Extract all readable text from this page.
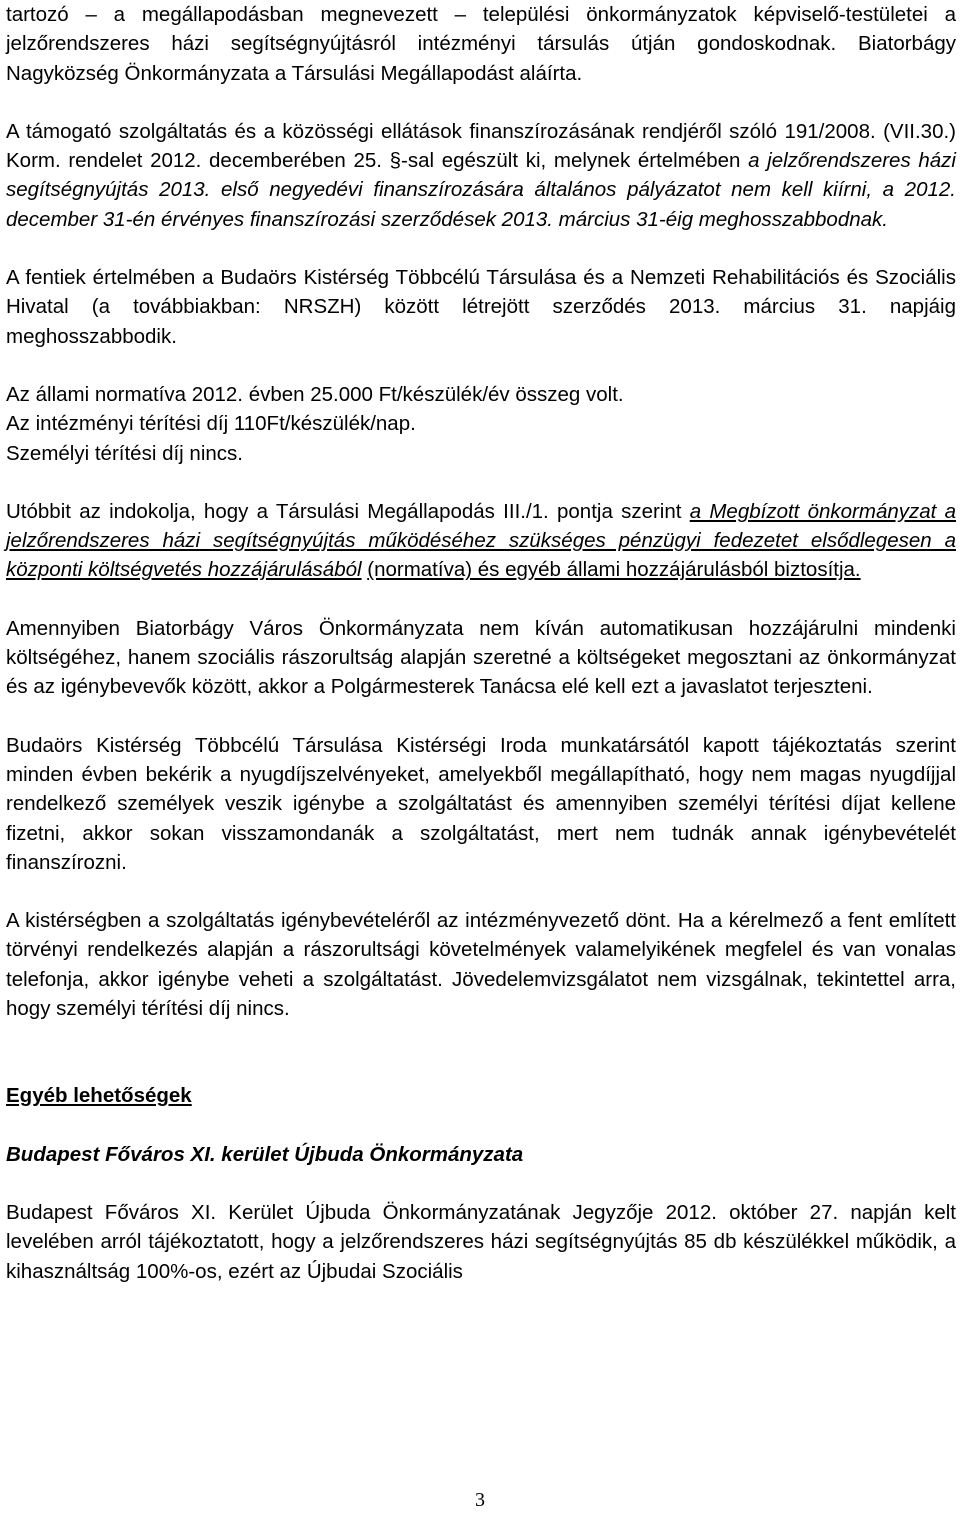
tartozó – a megállapodásban megnevezett – települési önkormányzatok képviselő-testületei a jelzőrendszeres házi segítségnyújtásról intézményi társulás útján gondoskodnak. Biatorbágy Nagyközség Önkormányzata a Társulási Megállapodást aláírta.

A támogató szolgáltatás és a közösségi ellátások finanszírozásának rendjéről szóló 191/2008. (VII.30.) Korm. rendelet 2012. decemberében 25. §-sal egészült ki, melynek értelmében a jelzőrendszeres házi segítségnyújtás 2013. első negyedévi finanszírozására általános pályázatot nem kell kiírni, a 2012. december 31-én érvényes finanszírozási szerződések 2013. március 31-éig meghosszabbodnak.

A fentiek értelmében a Budaörs Kistérség Többcélú Társulása és a Nemzeti Rehabilitációs és Szociális Hivatal (a továbbiakban: NRSZH) között létrejött szerződés 2013. március 31. napjáig meghosszabbodik.

Az állami normatíva 2012. évben 25.000 Ft/készülék/év összeg volt.

Az intézményi térítési díj 110Ft/készülék/nap.

Személyi térítési díj nincs.

Utóbbit az indokolja, hogy a Társulási Megállapodás III./1. pontja szerint a Megbízott önkormányzat a jelzőrendszeres házi segítségnyújtás működéséhez szükséges pénzügyi fedezetet elsődlegesen a központi költségvetés hozzájárulásából (normatíva) és egyéb állami hozzájárulásból biztosítja.

Amennyiben Biatorbágy Város Önkormányzata nem kíván automatikusan hozzájárulni mindenki költségéhez, hanem szociális rászorultság alapján szeretné a költségeket megosztani az önkormányzat és az igénybevevők között, akkor a Polgármesterek Tanácsa elé kell ezt a javaslatot terjeszteni.

Budaörs Kistérség Többcélú Társulása Kistérségi Iroda munkatársától kapott tájékoztatás szerint minden évben bekérik a nyugdíjszelvényeket, amelyekből megállapítható, hogy nem magas nyugdíjjal rendelkező személyek veszik igénybe a szolgáltatást és amennyiben személyi térítési díjat kellene fizetni, akkor sokan visszamondanák a szolgáltatást, mert nem tudnák annak igénybevételét finanszírozni.

A kistérségben a szolgáltatás igénybevételéről az intézményvezető dönt. Ha a kérelmező a fent említett törvényi rendelkezés alapján a rászorultsági követelmények valamelyikének megfelel és van vonalas telefonja, akkor igénybe veheti a szolgáltatást. Jövedelemvizsgálatot nem vizsgálnak, tekintettel arra, hogy személyi térítési díj nincs.

Egyéb lehetőségek

Budapest Főváros XI. kerület Újbuda Önkormányzata

Budapest Főváros XI. Kerület Újbuda Önkormányzatának Jegyzője 2012. október 27. napján kelt levelében arról tájékoztatott, hogy a jelzőrendszeres házi segítségnyújtás 85 db készülékkel működik, a kihasználtság 100%-os, ezért az Újbudai Szociális

3
